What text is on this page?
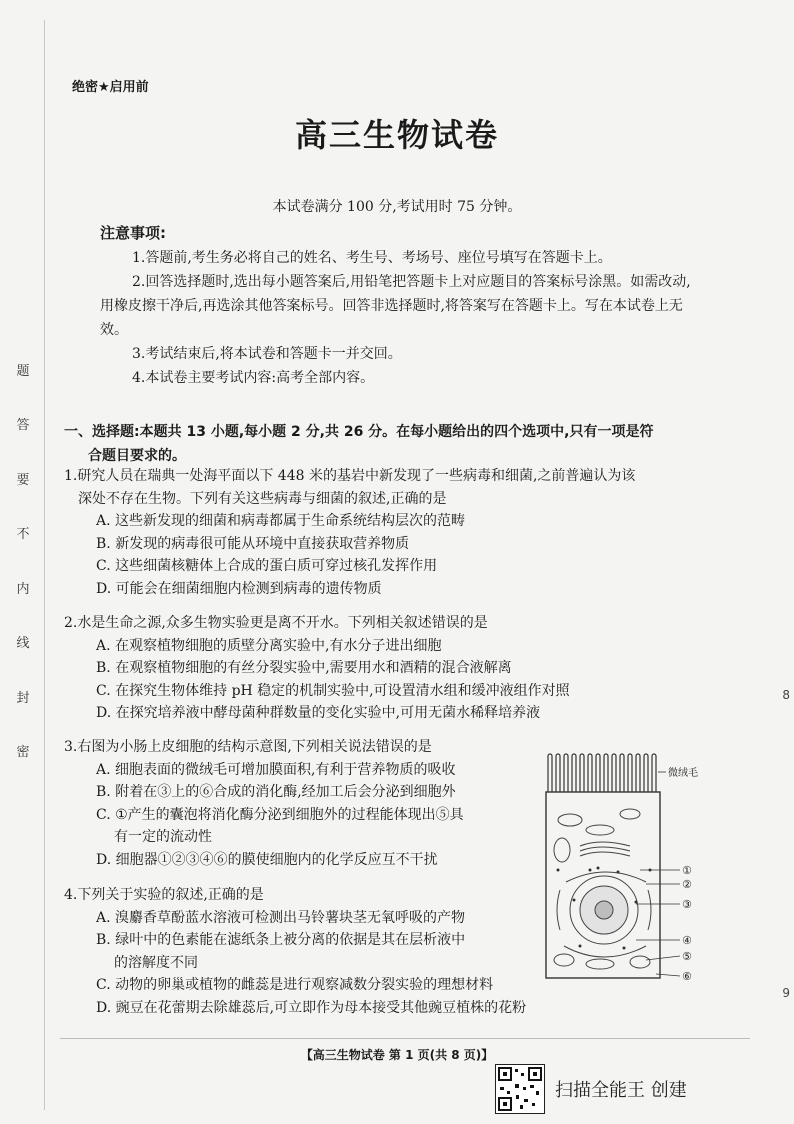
题
答
要
不
内
线
封
密
绝密★启用前
高三生物试卷
本试卷满分 100 分,考试用时 75 分钟。
注意事项:

1.答题前,考生务必将自己的姓名、考生号、考场号、座位号填写在答题卡上。

2.回答选择题时,选出每小题答案后,用铅笔把答题卡上对应题目的答案标号涂黑。如需改动,用橡皮擦干净后,再选涂其他答案标号。回答非选择题时,将答案写在答题卡上。写在本试卷上无效。

3.考试结束后,将本试卷和答题卡一并交回。

4.本试卷主要考试内容:高考全部内容。

一、选择题:本题共 13 小题,每小题 2 分,共 26 分。在每小题给出的四个选项中,只有一项是符
合题目要求的。

1.研究人员在瑞典一处海平面以下 448 米的基岩中新发现了一些病毒和细菌,之前普遍认为该

深处不存在生物。下列有关这些病毒与细菌的叙述,正确的是

A. 这些新发现的细菌和病毒都属于生命系统结构层次的范畴

B. 新发现的病毒很可能从环境中直接获取营养物质

C. 这些细菌核糖体上合成的蛋白质可穿过核孔发挥作用

D. 可能会在细菌细胞内检测到病毒的遗传物质

2.水是生命之源,众多生物实验更是离不开水。下列相关叙述错误的是

A. 在观察植物细胞的质壁分离实验中,有水分子进出细胞

B. 在观察植物细胞的有丝分裂实验中,需要用水和酒精的混合液解离

C. 在探究生物体维持 pH 稳定的机制实验中,可设置清水组和缓冲液组作对照

D. 在探究培养液中酵母菌种群数量的变化实验中,可用无菌水稀释培养液

3.右图为小肠上皮细胞的结构示意图,下列相关说法错误的是

A. 细胞表面的微绒毛可增加膜面积,有利于营养物质的吸收

B. 附着在③上的⑥合成的消化酶,经加工后会分泌到细胞外

C. ①产生的囊泡将消化酶分泌到细胞外的过程能体现出⑤具

有一定的流动性

D. 细胞器①②③④⑥的膜使细胞内的化学反应互不干扰

4.下列关于实验的叙述,正确的是

A. 溴麝香草酚蓝水溶液可检测出马铃薯块茎无氧呼吸的产物

B. 绿叶中的色素能在滤纸条上被分离的依据是其在层析液中

的溶解度不同

C. 动物的卵巢或植物的雌蕊是进行观察减数分裂实验的理想材料

D. 豌豆在花蕾期去除雄蕊后,可立即作为母本接受其他豌豆植株的花粉

微绒毛
①
②
③
④
⑤
⑥
8
9
【高三生物试卷 第 1 页(共 8 页)】
扫描全能王 创建
